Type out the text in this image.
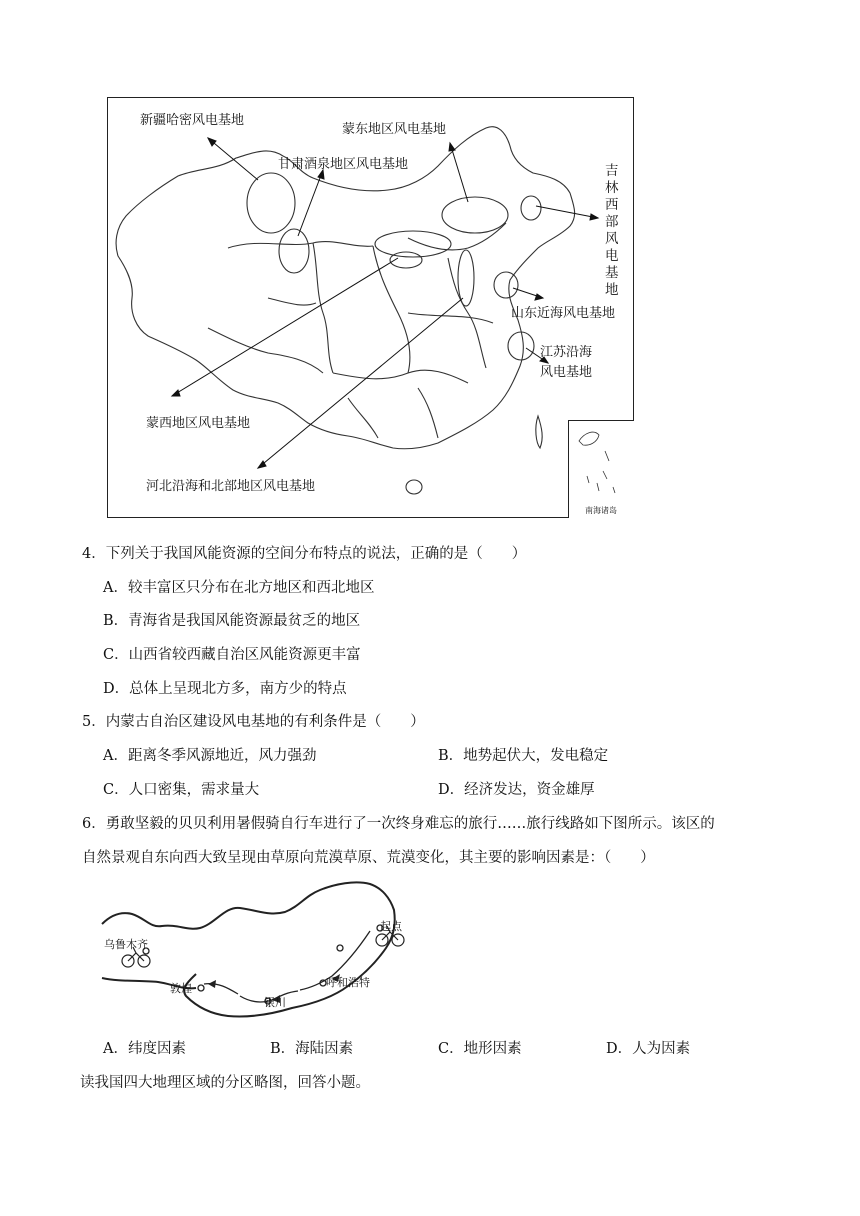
新疆哈密风电基地
甘肃酒泉地区风电基地
蒙东地区风电基地
吉林西部风电基地
山东近海风电基地
江苏沿海
风电基地
蒙西地区风电基地
河北沿海和北部地区风电基地
南海诸岛
4．下列关于我国风能资源的空间分布特点的说法，正确的是（　　）
A．较丰富区只分布在北方地区和西北地区
B．青海省是我国风能资源最贫乏的地区
C．山西省较西藏自治区风能资源更丰富
D．总体上呈现北方多，南方少的特点
5．内蒙古自治区建设风电基地的有利条件是（　　）
A．距离冬季风源地近，风力强劲	B．地势起伏大，发电稳定
C．人口密集，需求量大	D．经济发达，资金雄厚
6．勇敢坚毅的贝贝利用暑假骑自行车进行了一次终身难忘的旅行……旅行线路如下图所示。该区的
自然景观自东向西大致呈现由草原向荒漠草原、荒漠变化，其主要的影响因素是：（　　）
起点
乌鲁木齐
敦煌
银川
呼和浩特
A．纬度因素	B．海陆因素	C．地形因素	D．人为因素
读我国四大地理区域的分区略图，回答小题。
